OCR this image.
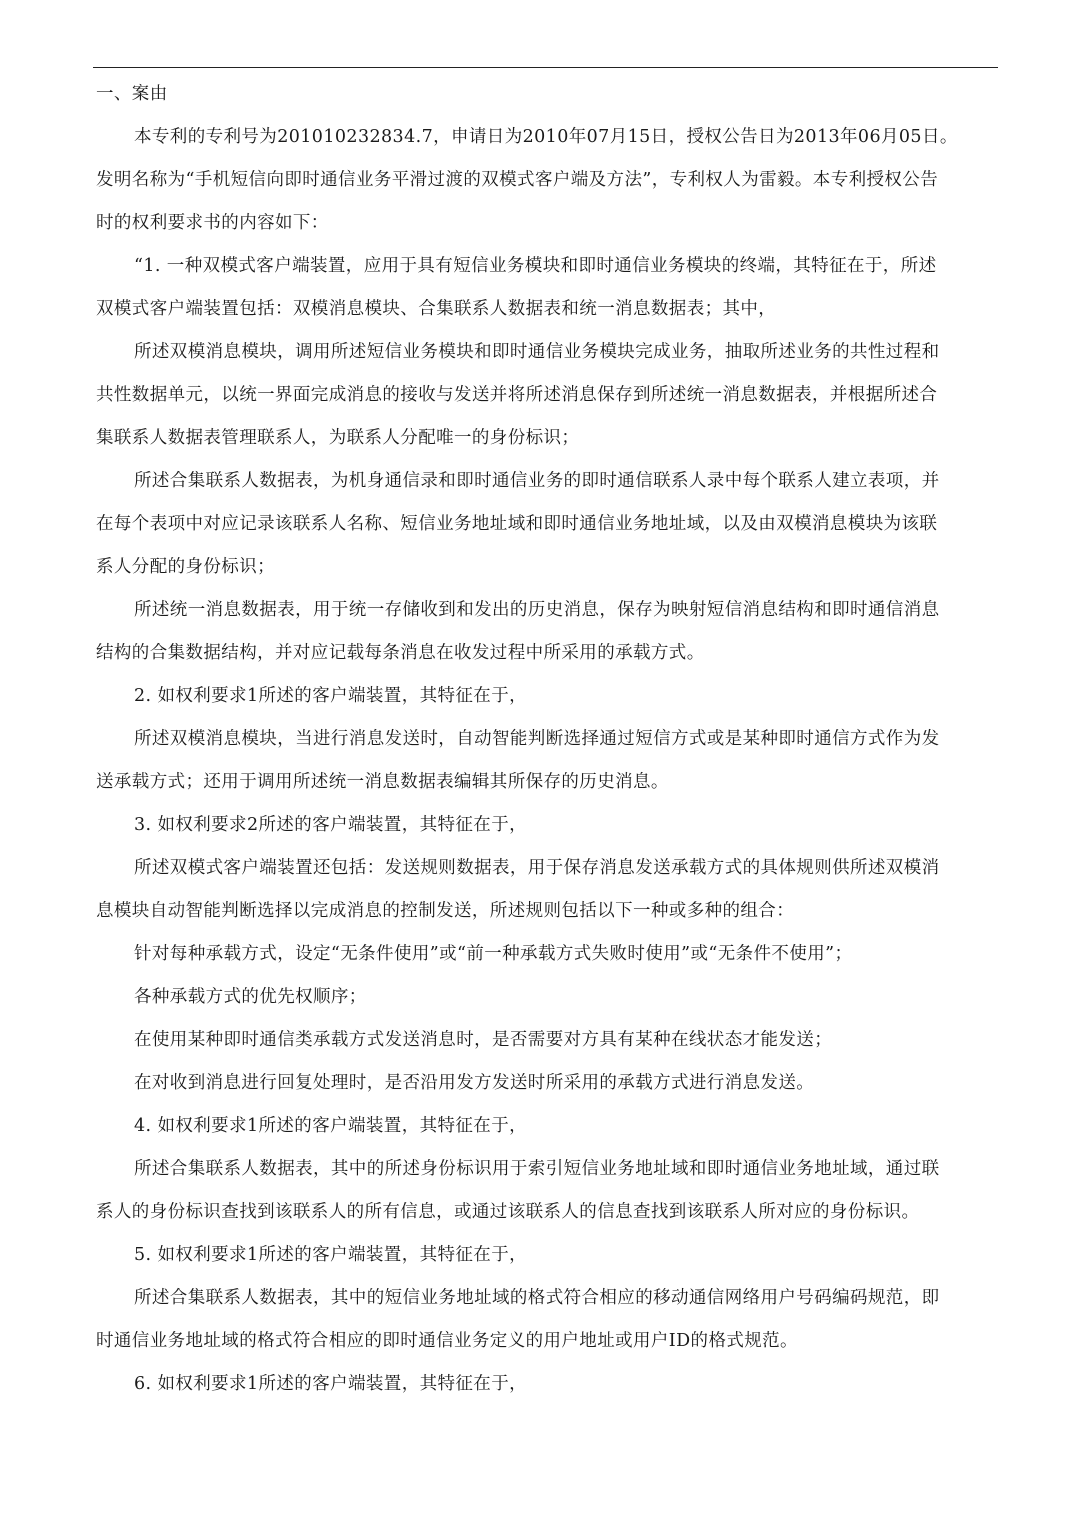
一、案由
本专利的专利号为201010232834.7，申请日为2010年07月15日，授权公告日为2013年06月05日。
发明名称为“手机短信向即时通信业务平滑过渡的双模式客户端及方法”，专利权人为雷毅。本专利授权公告
时的权利要求书的内容如下：
“1. 一种双模式客户端装置，应用于具有短信业务模块和即时通信业务模块的终端，其特征在于，所述
双模式客户端装置包括：双模消息模块、合集联系人数据表和统一消息数据表；其中，
所述双模消息模块，调用所述短信业务模块和即时通信业务模块完成业务，抽取所述业务的共性过程和
共性数据单元，以统一界面完成消息的接收与发送并将所述消息保存到所述统一消息数据表，并根据所述合
集联系人数据表管理联系人，为联系人分配唯一的身份标识；
所述合集联系人数据表，为机身通信录和即时通信业务的即时通信联系人录中每个联系人建立表项，并
在每个表项中对应记录该联系人名称、短信业务地址域和即时通信业务地址域，以及由双模消息模块为该联
系人分配的身份标识；
所述统一消息数据表，用于统一存储收到和发出的历史消息，保存为映射短信消息结构和即时通信消息
结构的合集数据结构，并对应记载每条消息在收发过程中所采用的承载方式。
2. 如权利要求1所述的客户端装置，其特征在于，
所述双模消息模块，当进行消息发送时，自动智能判断选择通过短信方式或是某种即时通信方式作为发
送承载方式；还用于调用所述统一消息数据表编辑其所保存的历史消息。
3. 如权利要求2所述的客户端装置，其特征在于，
所述双模式客户端装置还包括：发送规则数据表，用于保存消息发送承载方式的具体规则供所述双模消
息模块自动智能判断选择以完成消息的控制发送，所述规则包括以下一种或多种的组合：
针对每种承载方式，设定“无条件使用”或“前一种承载方式失败时使用”或“无条件不使用”；
各种承载方式的优先权顺序；
在使用某种即时通信类承载方式发送消息时，是否需要对方具有某种在线状态才能发送；
在对收到消息进行回复处理时，是否沿用发方发送时所采用的承载方式进行消息发送。
4. 如权利要求1所述的客户端装置，其特征在于，
所述合集联系人数据表，其中的所述身份标识用于索引短信业务地址域和即时通信业务地址域，通过联
系人的身份标识查找到该联系人的所有信息，或通过该联系人的信息查找到该联系人所对应的身份标识。
5. 如权利要求1所述的客户端装置，其特征在于，
所述合集联系人数据表，其中的短信业务地址域的格式符合相应的移动通信网络用户号码编码规范，即
时通信业务地址域的格式符合相应的即时通信业务定义的用户地址或用户ID的格式规范。
6. 如权利要求1所述的客户端装置，其特征在于，
